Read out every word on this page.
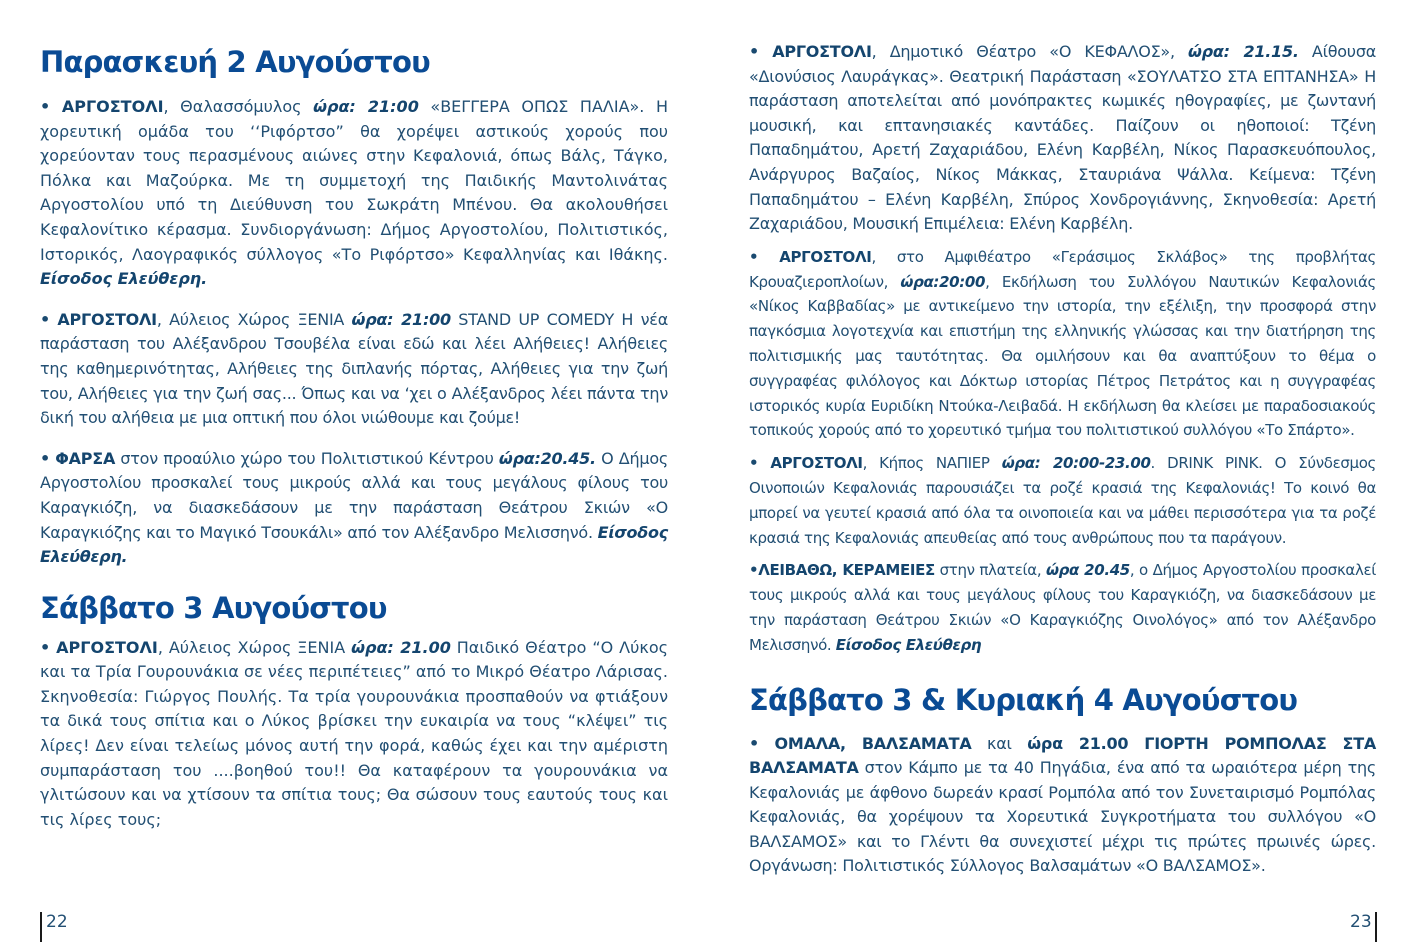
Παρασκευή 2 Αυγούστου

• ΑΡΓΟΣΤΟΛΙ, Θαλασσόμυλος ώρα: 21:00 «ΒΕΓΓΕΡΑ ΟΠΩΣ ΠΑΛΙΑ». Η χορευτική ομάδα του ‘‘Ριφόρτσο” θα χορέψει αστικούς χορούς που χορεύονταν τους περασμένους αιώνες στην Κεφαλονιά, όπως Βάλς, Τάγκο, Πόλκα και Μαζούρκα. Με τη συμμετοχή της Παιδικής Μαντολινάτας Αργοστολίου υπό τη Διεύθυνση του Σωκράτη Μπένου. Θα ακολουθήσει Κεφαλονίτικο κέρασμα. Συνδιοργάνωση: Δήμος Αργοστολίου, Πολιτιστικός, Ιστορικός, Λαογραφικός σύλλογος «Το Ριφόρτσο» Κεφαλληνίας και Ιθάκης. Είσοδος Ελεύθερη.

• ΑΡΓΟΣΤΟΛΙ, Αύλειος Χώρος ΞΕΝΙΑ ώρα: 21:00 STAND UP COMEDY Η νέα παράσταση του Αλέξανδρου Τσουβέλα είναι εδώ και λέει Αλήθειες! Αλήθειες της καθημερινότητας, Αλήθειες της διπλανής πόρτας, Αλήθειες για την ζωή του, Αλήθειες για την ζωή σας... Όπως και να ‘χει ο Αλέξανδρος λέει πάντα την δική του αλήθεια με μια οπτική που όλοι νιώθουμε και ζούμε!

• ΦΑΡΣΑ στον προαύλιο χώρο του Πολιτιστικού Κέντρου ώρα:20.45. Ο Δήμος Αργοστολίου προσκαλεί τους μικρούς αλλά και τους μεγάλους φίλους του Καραγκιόζη, να διασκεδάσουν με την παράσταση Θεάτρου Σκιών «Ο Καραγκιόζης και το Μαγικό Τσουκάλι» από τον Αλέξανδρο Μελισσηνό. Είσοδος Ελεύθερη.

Σάββατο 3 Αυγούστου

• ΑΡΓΟΣΤΟΛΙ, Αύλειος Χώρος ΞΕΝΙΑ ώρα: 21.00 Παιδικό Θέατρο “Ο Λύκος και τα Τρία Γουρουνάκια σε νέες περιπέτειες” από το Μικρό Θέατρο Λάρισας. Σκηνοθεσία: Γιώργος Πουλής. Τα τρία γουρουνάκια προσπαθούν να φτιάξουν τα δικά τους σπίτια και ο Λύκος βρίσκει την ευκαιρία να τους “κλέψει” τις λίρες! Δεν είναι τελείως μόνος αυτή την φορά, καθώς έχει και την αμέριστη συμπαράσταση του ....βοηθού του!! Θα καταφέρουν τα γουρουνάκια να γλιτώσουν και να χτίσουν τα σπίτια τους; Θα σώσουν τους εαυτούς τους και τις λίρες τους;

22

• ΑΡΓΟΣΤΟΛΙ, Δημοτικό Θέατρο «Ο ΚΕΦΑΛΟΣ», ώρα: 21.15. Αίθουσα «Διονύσιος Λαυράγκας». Θεατρική Παράσταση «ΣΟΥΛΑΤΣΟ ΣΤΑ ΕΠΤΑΝΗΣΑ» Η παράσταση αποτελείται από μονόπρακτες κωμικές ηθογραφίες, με ζωντανή μουσική, και επτανησιακές καντάδες. Παίζουν οι ηθοποιοί: Τζένη Παπαδημάτου, Αρετή Ζαχαριάδου, Ελένη Καρβέλη, Νίκος Παρασκευόπουλος, Ανάργυρος Βαζαίος, Νίκος Μάκκας, Σταυριάνα Ψάλλα. Κείμενα: Τζένη Παπαδημάτου – Ελένη Καρβέλη, Σπύρος Χονδρογιάννης, Σκηνοθεσία: Αρετή Ζαχαριάδου, Μουσική Επιμέλεια: Ελένη Καρβέλη.

• ΑΡΓΟΣΤΟΛΙ, στο Αμφιθέατρο «Γεράσιμος Σκλάβος» της προβλήτας Κρουαζιεροπλοίων, ώρα:20:00, Εκδήλωση του Συλλόγου Ναυτικών Κεφαλονιάς «Νίκος Καββαδίας» με αντικείμενο την ιστορία, την εξέλιξη, την προσφορά στην παγκόσμια λογοτεχνία και επιστήμη της ελληνικής γλώσσας και την διατήρηση της πολιτισμικής μας ταυτότητας. Θα ομιλήσουν και θα αναπτύξουν το θέμα ο συγγραφέας φιλόλογος και Δόκτωρ ιστορίας Πέτρος Πετράτος και η συγγραφέας ιστορικός κυρία Ευριδίκη Ντούκα-Λειβαδά. Η εκδήλωση θα κλείσει με παραδοσιακούς τοπικούς χορούς από το χορευτικό τμήμα του πολιτιστικού συλλόγου «Το Σπάρτο».

• ΑΡΓΟΣΤΟΛΙ, Κήπος ΝΑΠΙΕΡ ώρα: 20:00-23.00. DRINK PINK. Ο Σύνδεσμος Οινοποιών Κεφαλονιάς παρουσιάζει τα ροζέ κρασιά της Κεφαλονιάς! Το κοινό θα μπορεί να γευτεί κρασιά από όλα τα οινοποιεία και να μάθει περισσότερα για τα ροζέ κρασιά της Κεφαλονιάς απευθείας από τους ανθρώπους που τα παράγουν.

•ΛΕΙΒΑΘΩ, ΚΕΡΑΜΕΙΕΣ στην πλατεία, ώρα 20.45, ο Δήμος Αργοστολίου προσκαλεί τους μικρούς αλλά και τους μεγάλους φίλους του Καραγκιόζη, να διασκεδάσουν με την παράσταση Θεάτρου Σκιών «Ο Καραγκιόζης Οινολόγος» από τον Αλέξανδρο Μελισσηνό. Είσοδος Ελεύθερη

Σάββατο 3 & Κυριακή 4 Αυγούστου

• ΟΜΑΛΑ, ΒΑΛΣΑΜΑΤΑ και ώρα 21.00 ΓΙΟΡΤΗ ΡΟΜΠΟΛΑΣ ΣΤΑ ΒΑΛΣΑΜΑΤΑ στον Κάμπο με τα 40 Πηγάδια, ένα από τα ωραιότερα μέρη της Κεφαλονιάς με άφθονο δωρεάν κρασί Ρομπόλα από τον Συνεταιρισμό Ρομπόλας Κεφαλονιάς, θα χορέψουν τα Χορευτικά Συγκροτήματα του συλλόγου «Ο ΒΑΛΣΑΜΟΣ» και το Γλέντι θα συνεχιστεί μέχρι τις πρώτες πρωινές ώρες. Οργάνωση: Πολιτιστικός Σύλλογος Βαλσαμάτων «Ο ΒΑΛΣΑΜΟΣ».

23
